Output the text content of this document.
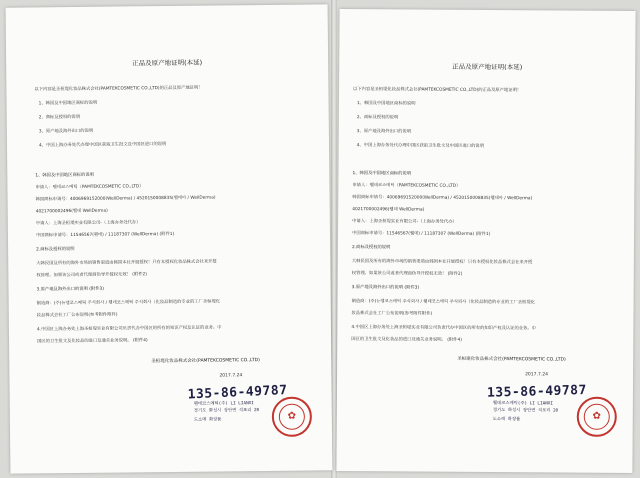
正品及原产地证明(本延)
以下内容是圣桓堤化妆品株式会社(PAMTEKCOSMETIC CO.,LTD)的正品及原产地证明！
1、韩国及中国地区商标的说明
2、商标及授权的说明
3、原产地及海外出口的说明
4、中国上海办务处代办理中国区获取卫生批文及中国区进口的说明
1、韩国及中国地区商标的说明
申请人：웰데코스메틱（PAMTEKCOSMETIC CO.,LTD）
韩国商标申请号：4006969152000(WellDerma) / 4520150008835(웰데아 / WellDerma)
4021700002496(웰데 WellDerma)
中请人：上海圣桓堤实业有限公司-（上海办务处代办）
中国商标申请号：11546567(웰데) / 11187307 (WellDerma) (附件1)
2.商标及授权的说明
大韩民国及所有的海外市场的销售渠道由韩国本社开展授权！只有本授权化妆品株式会社来开授
权管理。如果该公司或者代理商伪导开授权无效！ (附件2)
3.原产地及海外出口的说明 (附件3)
制造商：(주)뉴엠코스메틱 주식회사 / 웰데코스메틱 주식회사（化妆品制造的专业的工厂圣桓堤化
妆品株式会社工厂公布说明(参考附件附件)
4.中国区上海办务处上海圣桓堤实业有限公司负责代办中国区的所有的知识产权及认证的业务。中
国区的卫生批文及化妆品的进口及通关业务说明。 (附件4)
圣桓堤化妆品株式会社(PAMTEKCOSMETIC CO.,LTD)
2017.7.24
135-86-49787
웰데코스메틱(주) LI LIANXI
경기도 화성시 장안면 석포리 20
도소매 화장품	✿
正品及原产地证明(本延)
以下内容是圣桓堤化妆品株式会社(PAMTEKCOSMETIC CO.,LTD)的正品及原产地证明！
1、韩国及中国地区商标的说明
2、商标及授权的说明
3、原产地及海外出口的说明
4、中国上海办务处代办理中国区获取卫生批文及中国区进口的说明
1、韩国及中国地区商标的说明
申请人：웰데코스메틱（PAMTEKCOSMETIC CO.,LTD）
韩国商标申请号：4006969152000(WellDerma) / 4520150008835(웰데아 / WellDerma)
4021700002496(웰데 WellDerma)
中请人：上海圣桓堤实业有限公司-（上海办务处代办）
中国商标申请号：11546567(웰데) / 11187307 (WellDerma) (附件1)
2.商标及授权的说明
大韩民国及所有的海外市场的销售渠道由韩国本社开展授权！只有本授权化妆品株式会社来开授
权管理。如果该公司或者代理商伪导开授权无效！ (附件2)
3.原产地及海外出口的说明 (附件3)
制造商：(주)뉴엠코스메틱 주식회사 / 웰데코스메틱 주식회사（化妆品制造的专业的工厂圣桓堤化
妆品株式会社工厂公布说明(参考附件附件)
4.中国区上海办务处上海圣桓堤实业有限公司负责代办中国区的所有的知识产权及认证的业务。中
国区的卫生批文及化妆品的进口及通关业务说明。 (附件4)
圣桓堤化妆品株式会社(PAMTEKCOSMETIC CO.,LTD)
2017.7.24
135-86-49787
웰데코스메틱(주) LI LIANXI
경기도 화성시 장안면 석포리 20
도소매 화장품	✿
